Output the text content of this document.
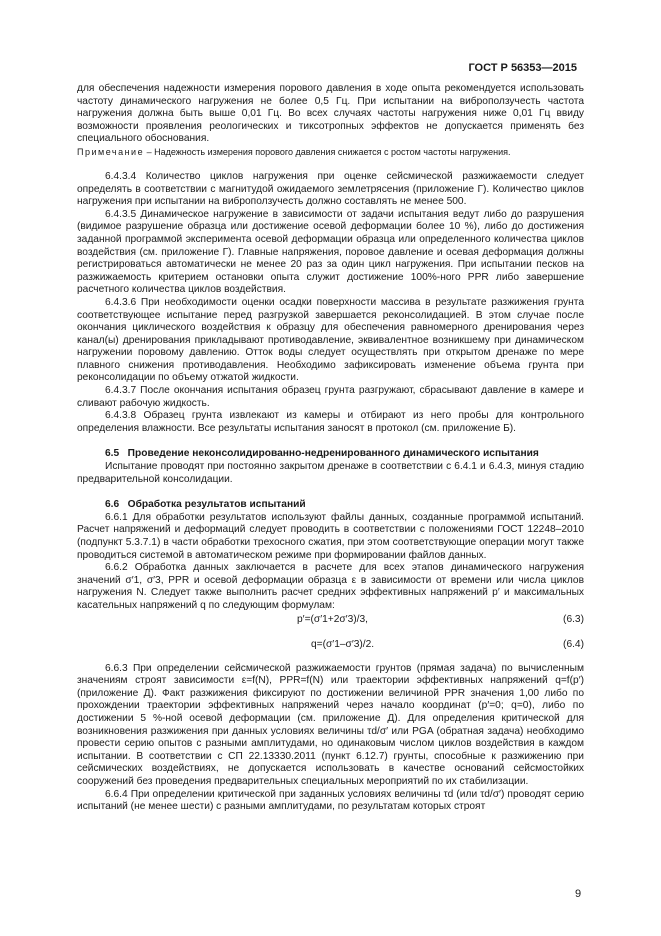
ГОСТ Р 56353—2015

для обеспечения надежности измерения порового давления в ходе опыта рекомендуется использовать частоту динамического нагружения не более 0,5 Гц. При испытании на виброползучесть частота нагружения должна быть выше 0,01 Гц. Во всех случаях частоты нагружения ниже 0,01 Гц ввиду возможности проявления реологических и тиксотропных эффектов не допускается применять без специального обоснования.

Примечание – Надежность измерения порового давления снижается с ростом частоты нагружения.

6.4.3.4 Количество циклов нагружения при оценке сейсмической разжижаемости следует определять в соответствии с магнитудой ожидаемого землетрясения (приложение Г). Количество циклов нагружения при испытании на виброползучесть должно составлять не менее 500.

6.4.3.5 Динамическое нагружение в зависимости от задачи испытания ведут либо до разрушения (видимое разрушение образца или достижение осевой деформации более 10 %), либо до достижения заданной программой эксперимента осевой деформации образца или определенного количества циклов воздействия (см. приложение Г). Главные напряжения, поровое давление и осевая деформация должны регистрироваться автоматически не менее 20 раз за один цикл нагружения. При испытании песков на разжижаемость критерием остановки опыта служит достижение 100%-ного PPR либо завершение расчетного количества циклов воздействия.

6.4.3.6 При необходимости оценки осадки поверхности массива в результате разжижения грунта соответствующее испытание перед разгрузкой завершается реконсолидацией. В этом случае после окончания циклического воздействия к образцу для обеспечения равномерного дренирования через канал(ы) дренирования прикладывают противодавление, эквивалентное возникшему при динамическом нагружении поровому давлению. Отток воды следует осуществлять при открытом дренаже по мере плавного снижения противодавления. Необходимо зафиксировать изменение объема грунта при реконсолидации по объему отжатой жидкости.

6.4.3.7 После окончания испытания образец грунта разгружают, сбрасывают давление в камере и сливают рабочую жидкость.

6.4.3.8 Образец грунта извлекают из камеры и отбирают из него пробы для контрольного определения влажности. Все результаты испытания заносят в протокол (см. приложение Б).

6.5 Проведение неконсолидированно-недренированного динамического испытания

Испытание проводят при постоянно закрытом дренаже в соответствии с 6.4.1 и 6.4.3, минуя стадию предварительной консолидации.

6.6 Обработка результатов испытаний

6.6.1 Для обработки результатов используют файлы данных, созданные программой испытаний. Расчет напряжений и деформаций следует проводить в соответствии с положениями ГОСТ 12248–2010 (подпункт 5.3.7.1) в части обработки трехосного сжатия, при этом соответствующие операции могут также проводиться системой в автоматическом режиме при формировании файлов данных.

6.6.2 Обработка данных заключается в расчете для всех этапов динамического нагружения значений σ′1, σ′3, PPR и осевой деформации образца ε в зависимости от времени или числа циклов нагружения N. Следует также выполнить расчет средних эффективных напряжений p′ и максимальных касательных напряжений q по следующим формулам:

p′=(σ′1+2σ′3)/3,	(6.3)
q=(σ′1–σ′3)/2.	(6.4)

6.6.3 При определении сейсмической разжижаемости грунтов (прямая задача) по вычисленным значениям строят зависимости ε=f(N), PPR=f(N) или траектории эффективных напряжений q=f(p′) (приложение Д). Факт разжижения фиксируют по достижении величиной PPR значения 1,00 либо по прохождении траектории эффективных напряжений через начало координат (p′=0; q=0), либо по достижении 5 %-ной осевой деформации (см. приложение Д). Для определения критической для возникновения разжижения при данных условиях величины τd/σ′ или PGA (обратная задача) необходимо провести серию опытов с разными амплитудами, но одинаковым числом циклов воздействия в каждом испытании. В соответствии с СП 22.13330.2011 (пункт 6.12.7) грунты, способные к разжижению при сейсмических воздействиях, не допускается использовать в качестве оснований сейсмостойких сооружений без проведения предварительных специальных мероприятий по их стабилизации.

6.6.4 При определении критической при заданных условиях величины τd (или τd/σ′) проводят серию испытаний (не менее шести) с разными амплитудами, по результатам которых строят

9
